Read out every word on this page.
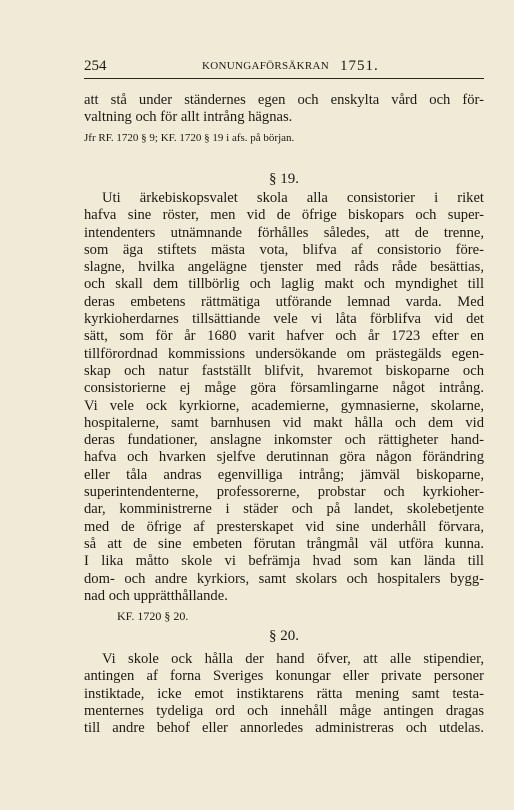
254	KONUNGAFÖRSÄKRAN 1751.
att stå under ständernes egen och enskylta vård och för-
valtning och för allt intrång hägnas.
Jfr RF. 1720 § 9; KF. 1720 § 19 i afs. på början.
§ 19.
Uti ärkebiskopsvalet skola alla consistorier i riket
hafva sine röster, men vid de öfrige biskopars och super-
intendenters utnämnande förhålles således, att de trenne,
som äga stiftets mästa vota, blifva af consistorio före-
slagne, hvilka angelägne tjenster med råds råde besättias,
och skall dem tillbörlig och laglig makt och myndighet till
deras embetens rättmätiga utförande lemnad varda. Med
kyrkioherdarnes tillsättiande vele vi låta förblifva vid det
sätt, som för år 1680 varit hafver och år 1723 efter en
tillförordnad kommissions undersökande om prästegälds egen-
skap och natur fastställt blifvit, hvaremot biskoparne och
consistorierne ej måge göra församlingarne något intrång.
Vi vele ock kyrkiorne, academierne, gymnasierne, skolarne,
hospitalerne, samt barnhusen vid makt hålla och dem vid
deras fundationer, anslagne inkomster och rättigheter hand-
hafva och hvarken sjelfve derutinnan göra någon förändring
eller tåla andras egenvilliga intrång; jämväl biskoparne,
superintendenterne, professorerne, probstar och kyrkioher-
dar, komministrerne i städer och på landet, skolebetjente
med de öfrige af presterskapet vid sine underhåll förvara,
så att de sine embeten förutan trångmål väl utföra kunna.
I lika måtto skole vi befrämja hvad som kan lända till
dom- och andre kyrkiors, samt skolars och hospitalers bygg-
nad och upprätthållande.
KF. 1720 § 20.
§ 20.
Vi skole ock hålla der hand öfver, att alle stipendier,
antingen af forna Sveriges konungar eller private personer
instiktade, icke emot instiktarens rätta mening samt testa-
menternes tydeliga ord och innehåll måge antingen dragas
till andre behof eller annorledes administreras och utdelas.
